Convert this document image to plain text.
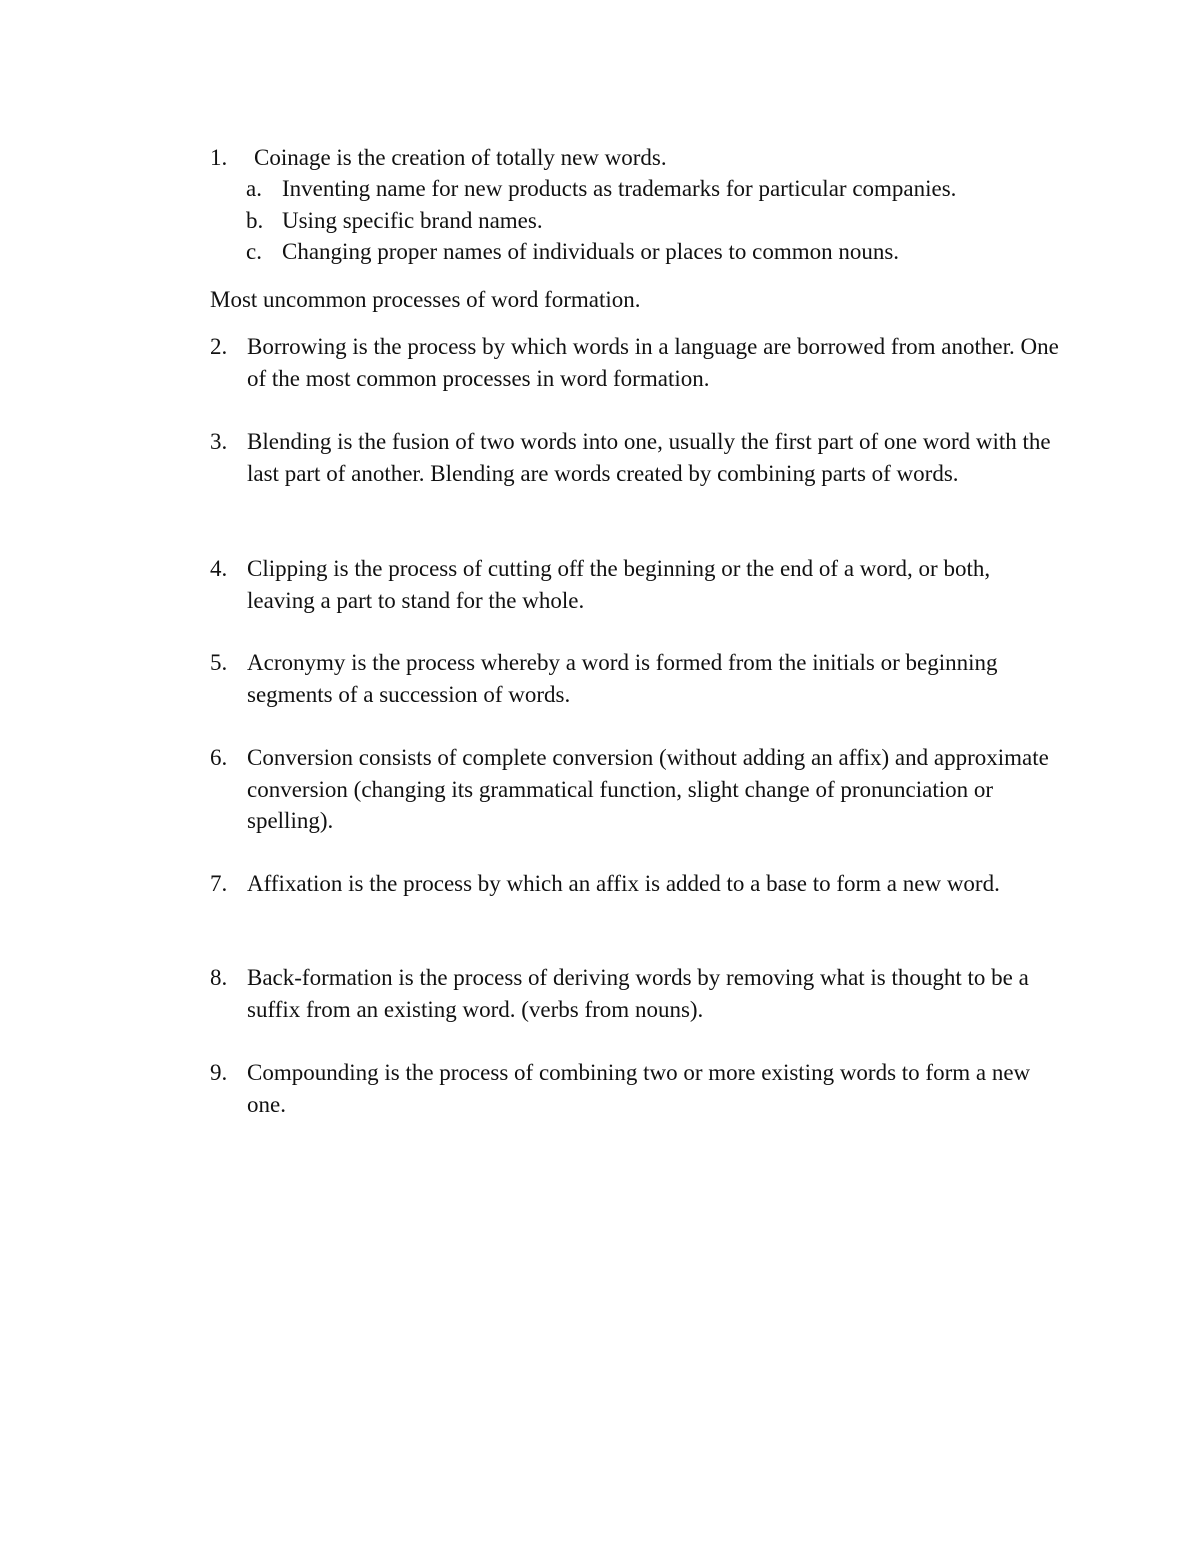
1.	Coinage is the creation of totally new words.
a. Inventing name for new products as trademarks for particular companies.
b. Using specific brand names.
c. Changing proper names of individuals or places to common nouns.
Most uncommon processes of word formation.
2. Borrowing is the process by which words in a language are borrowed from another. One of the most common processes in word formation.
3. Blending is the fusion of two words into one, usually the first part of one word with the last part of another. Blending are words created by combining parts of words.
4. Clipping is the process of cutting off the beginning or the end of a word, or both, leaving a part to stand for the whole.
5. Acronymy is the process whereby a word is formed from the initials or beginning segments of a succession of words.
6. Conversion consists of complete conversion (without adding an affix) and approximate conversion (changing its grammatical function, slight change of pronunciation or spelling).
7. Affixation is the process by which an affix is added to a base to form a new word.
8. Back-formation is the process of deriving words by removing what is thought to be a suffix from an existing word. (verbs from nouns).
9. Compounding is the process of combining two or more existing words to form a new one.
